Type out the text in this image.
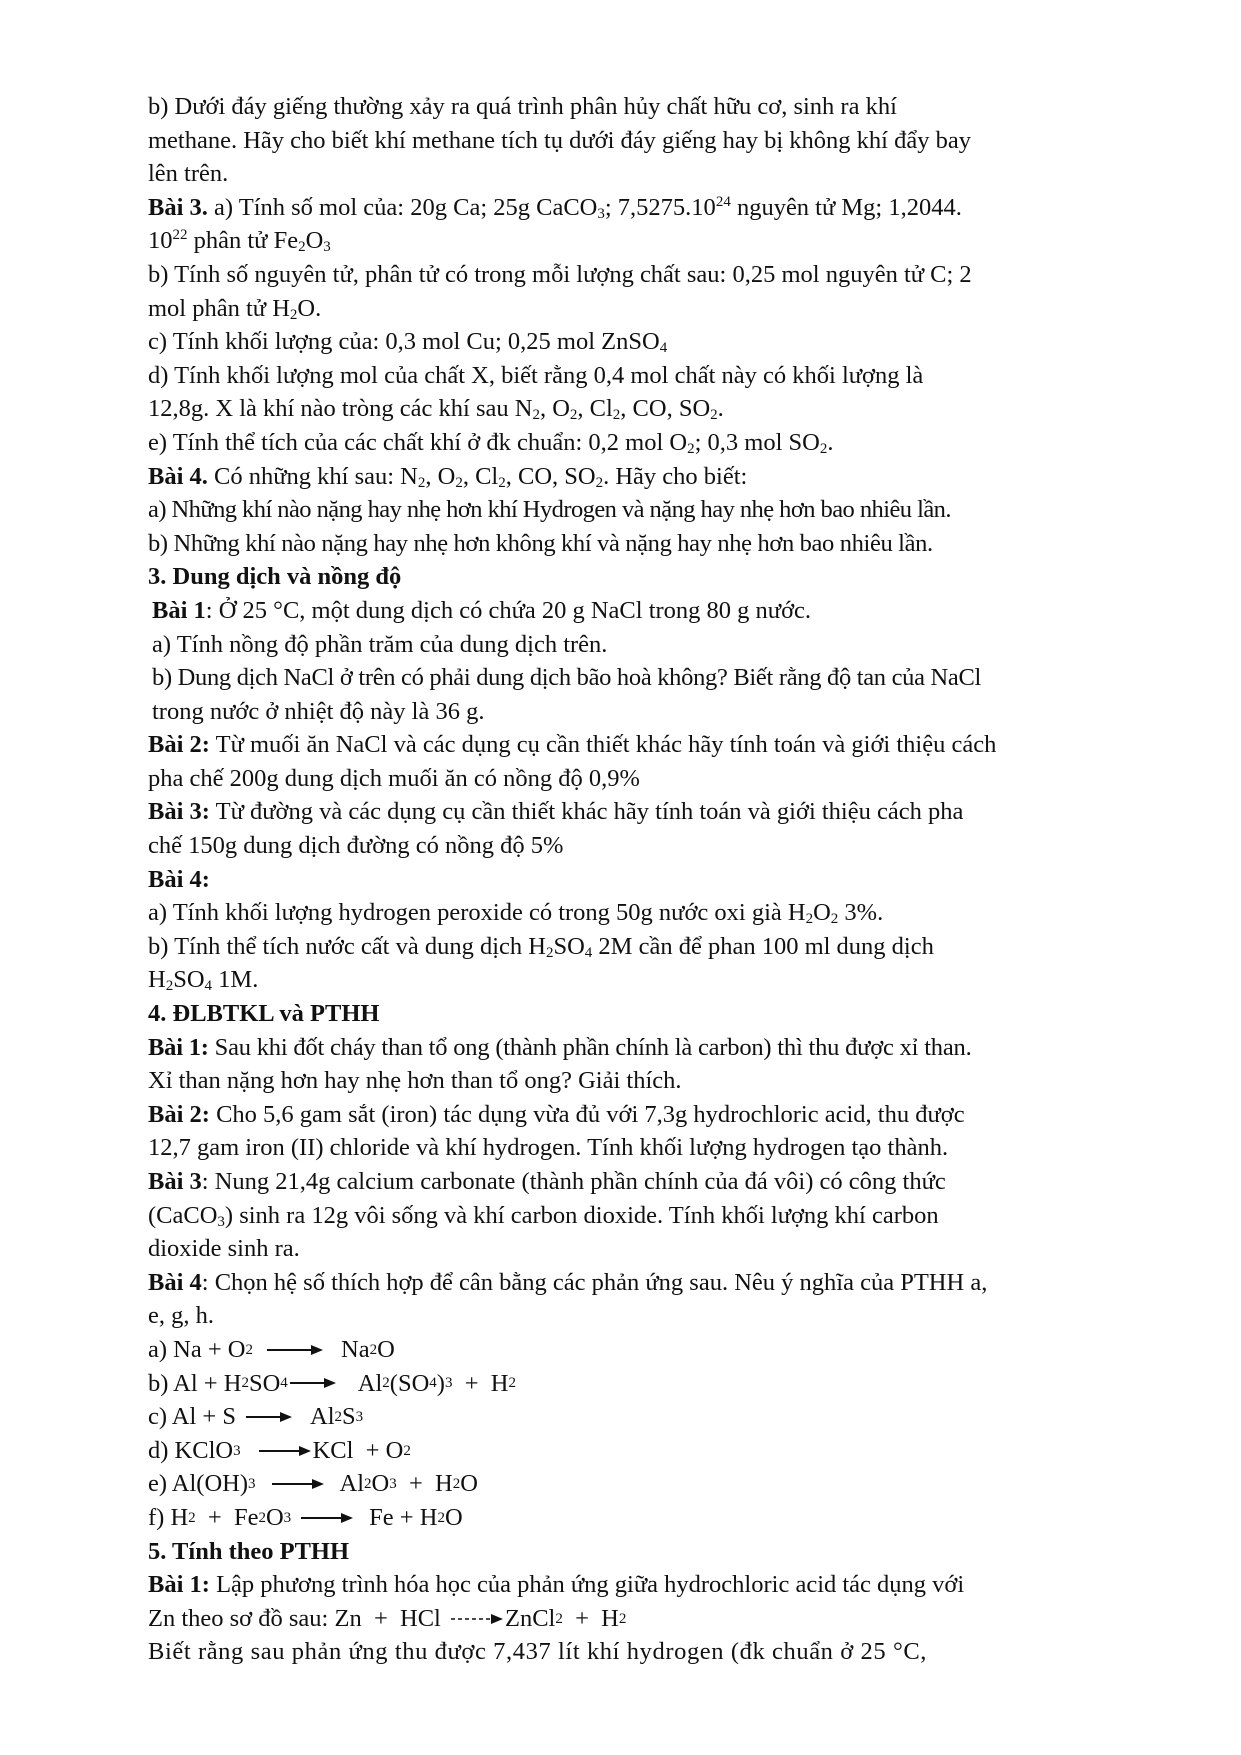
b) Dưới đáy giếng thường xảy ra quá trình phân hủy chất hữu cơ, sinh ra khí
methane. Hãy cho biết khí methane tích tụ dưới đáy giếng hay bị không khí đẩy bay
lên trên.
Bài 3. a) Tính số mol của: 20g Ca; 25g CaCO$_3$; 7,5275.10$^{24}$ nguyên tử Mg; 1,2044.
$10^{22}$ phân tử $Fe_2O_3$
b) Tính số nguyên tử, phân tử có trong mỗi lượng chất sau: 0,25 mol nguyên tử C; 2
mol phân tử $H_2O$.
c) Tính khối lượng của: 0,3 mol Cu; 0,25 mol ZnSO$_4$
d) Tính khối lượng mol của chất X, biết rằng 0,4 mol chất này có khối lượng là
12,8g. X là khí nào tròng các khí sau $N_2$, $O_2$, $Cl_2$, CO, $SO_2$.
e) Tính thể tích của các chất khí ở đk chuẩn: 0,2 mol $O_2$; 0,3 mol $SO_2$.
Bài 4. Có những khí sau: $N_2$, $O_2$, $Cl_2$, CO, $SO_2$. Hãy cho biết:
a) Những khí nào nặng hay nhẹ hơn khí Hydrogen và nặng hay nhẹ hơn bao nhiêu lần.
b) Những khí nào nặng hay nhẹ hơn không khí và nặng hay nhẹ hơn bao nhiêu lần.
3. Dung dịch và nồng độ
Bài 1: Ở 25 °C, một dung dịch có chứa 20 g NaCl trong 80 g nước.
a) Tính nồng độ phần trăm của dung dịch trên.
b) Dung dịch NaCl ở trên có phải dung dịch bão hoà không? Biết rằng độ tan của NaCl
trong nước ở nhiệt độ này là 36 g.
Bài 2: Từ muối ăn NaCl và các dụng cụ cần thiết khác hãy tính toán và giới thiệu cách
pha chế 200g dung dịch muối ăn có nồng độ 0,9%
Bài 3: Từ đường và các dụng cụ cần thiết khác hãy tính toán và giới thiệu cách pha
chế 150g dung dịch đường có nồng độ 5%
Bài 4:
a) Tính khối lượng hydrogen peroxide có trong 50g nước oxi già $H_2O_2$ 3%.
b) Tính thể tích nước cất và dung dịch $H_2SO_4$ 2M cần để phan 100 ml dung dịch
$H_2SO_4$ 1M.
4. ĐLBTKL và PTHH
Bài 1: Sau khi đốt cháy than tổ ong (thành phần chính là carbon) thì thu được xỉ than.
Xỉ than nặng hơn hay nhẹ hơn than tổ ong? Giải thích.
Bài 2: Cho 5,6 gam sắt (iron) tác dụng vừa đủ với 7,3g hydrochloric acid, thu được
12,7 gam iron (II) chloride và khí hydrogen. Tính khối lượng hydrogen tạo thành.
Bài 3: Nung 21,4g calcium carbonate (thành phần chính của đá vôi) có công thức
(CaCO$_3$) sinh ra 12g vôi sống và khí carbon dioxide. Tính khối lượng khí carbon
dioxide sinh ra.
Bài 4: Chọn hệ số thích hợp để cân bằng các phản ứng sau. Nêu ý nghĩa của PTHH a,
e, g, h.
a) Na + O 2	Na 2 O
b) Al + H 2 SO 4	Al 2 (SO 4 ) 3 +  H 2
c) Al + S	Al 2 S 3
d) KClO 3	KCl  + O 2
e) Al(OH) 3	Al 2 O 3 +  H 2 O
f) H 2 +  Fe 2 O 3	Fe + H 2 O
5. Tính theo PTHH
Bài 1: Lập phương trình hóa học của phản ứng giữa hydrochloric acid tác dụng với
Zn theo sơ đồ sau: Zn  +  HCl ZnCl 2 +  H 2
Biết rằng sau phản ứng thu được 7,437 lít khí hydrogen (đk chuẩn ở 25 °C,
